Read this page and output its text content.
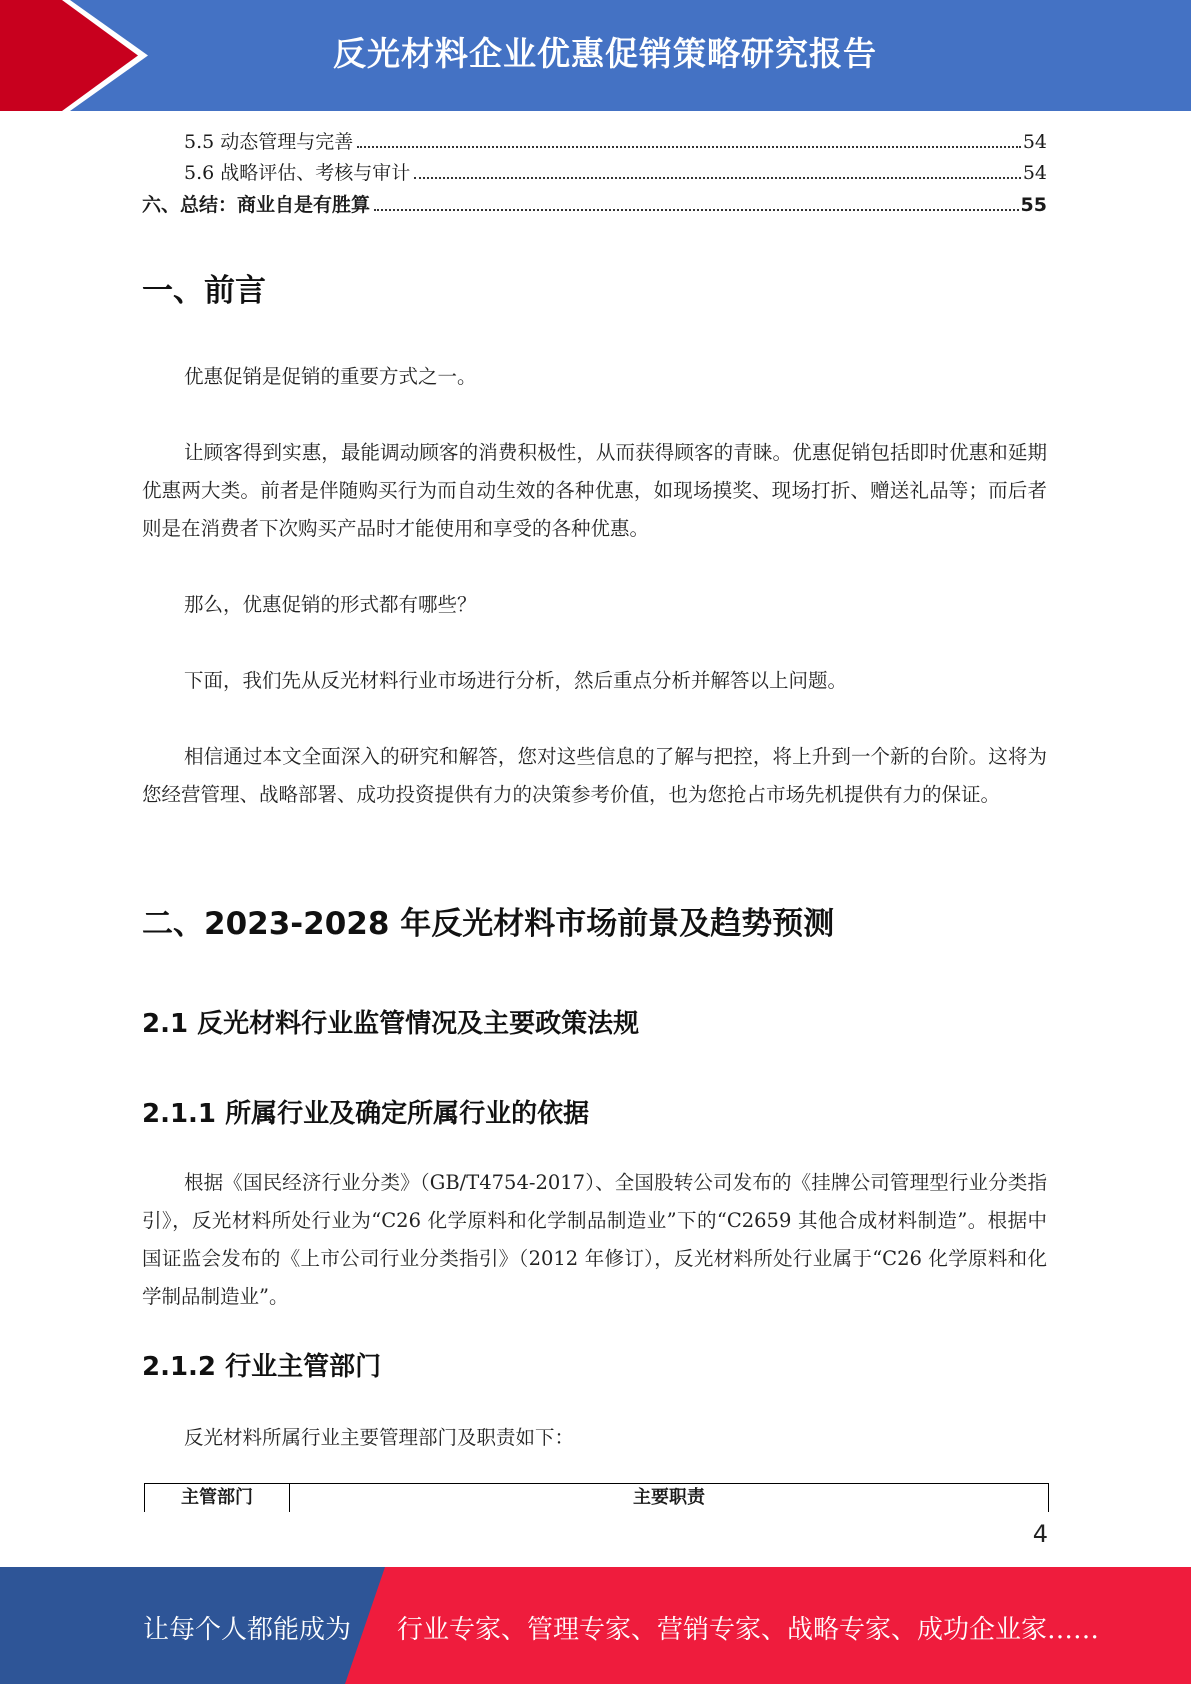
反光材料企业优惠促销策略研究报告
5.5 动态管理与完善	54
5.6 战略评估、考核与审计	54
六、总结：商业自是有胜算	55
一、前言
优惠促销是促销的重要方式之一。
让顾客得到实惠，最能调动顾客的消费积极性，从而获得顾客的青睐。优惠促销包括即时优惠和延期优惠两大类。前者是伴随购买行为而自动生效的各种优惠，如现场摸奖、现场打折、赠送礼品等；而后者则是在消费者下次购买产品时才能使用和享受的各种优惠。
那么，优惠促销的形式都有哪些？
下面，我们先从反光材料行业市场进行分析，然后重点分析并解答以上问题。
相信通过本文全面深入的研究和解答，您对这些信息的了解与把控，将上升到一个新的台阶。这将为您经营管理、战略部署、成功投资提供有力的决策参考价值，也为您抢占市场先机提供有力的保证。
二、2023-2028 年反光材料市场前景及趋势预测
2.1 反光材料行业监管情况及主要政策法规
2.1.1 所属行业及确定所属行业的依据
根据《国民经济行业分类》（GB/T4754-2017）、全国股转公司发布的《挂牌公司管理型行业分类指引》，反光材料所处行业为“C26 化学原料和化学制品制造业”下的“C2659 其他合成材料制造”。根据中国证监会发布的《上市公司行业分类指引》（2012 年修订），反光材料所处行业属于“C26 化学原料和化学制品制造业”。
2.1.2 行业主管部门
反光材料所属行业主要管理部门及职责如下：
主管部门	主要职责
4
让每个人都能成为 行业专家、管理专家、营销专家、战略专家、成功企业家……
